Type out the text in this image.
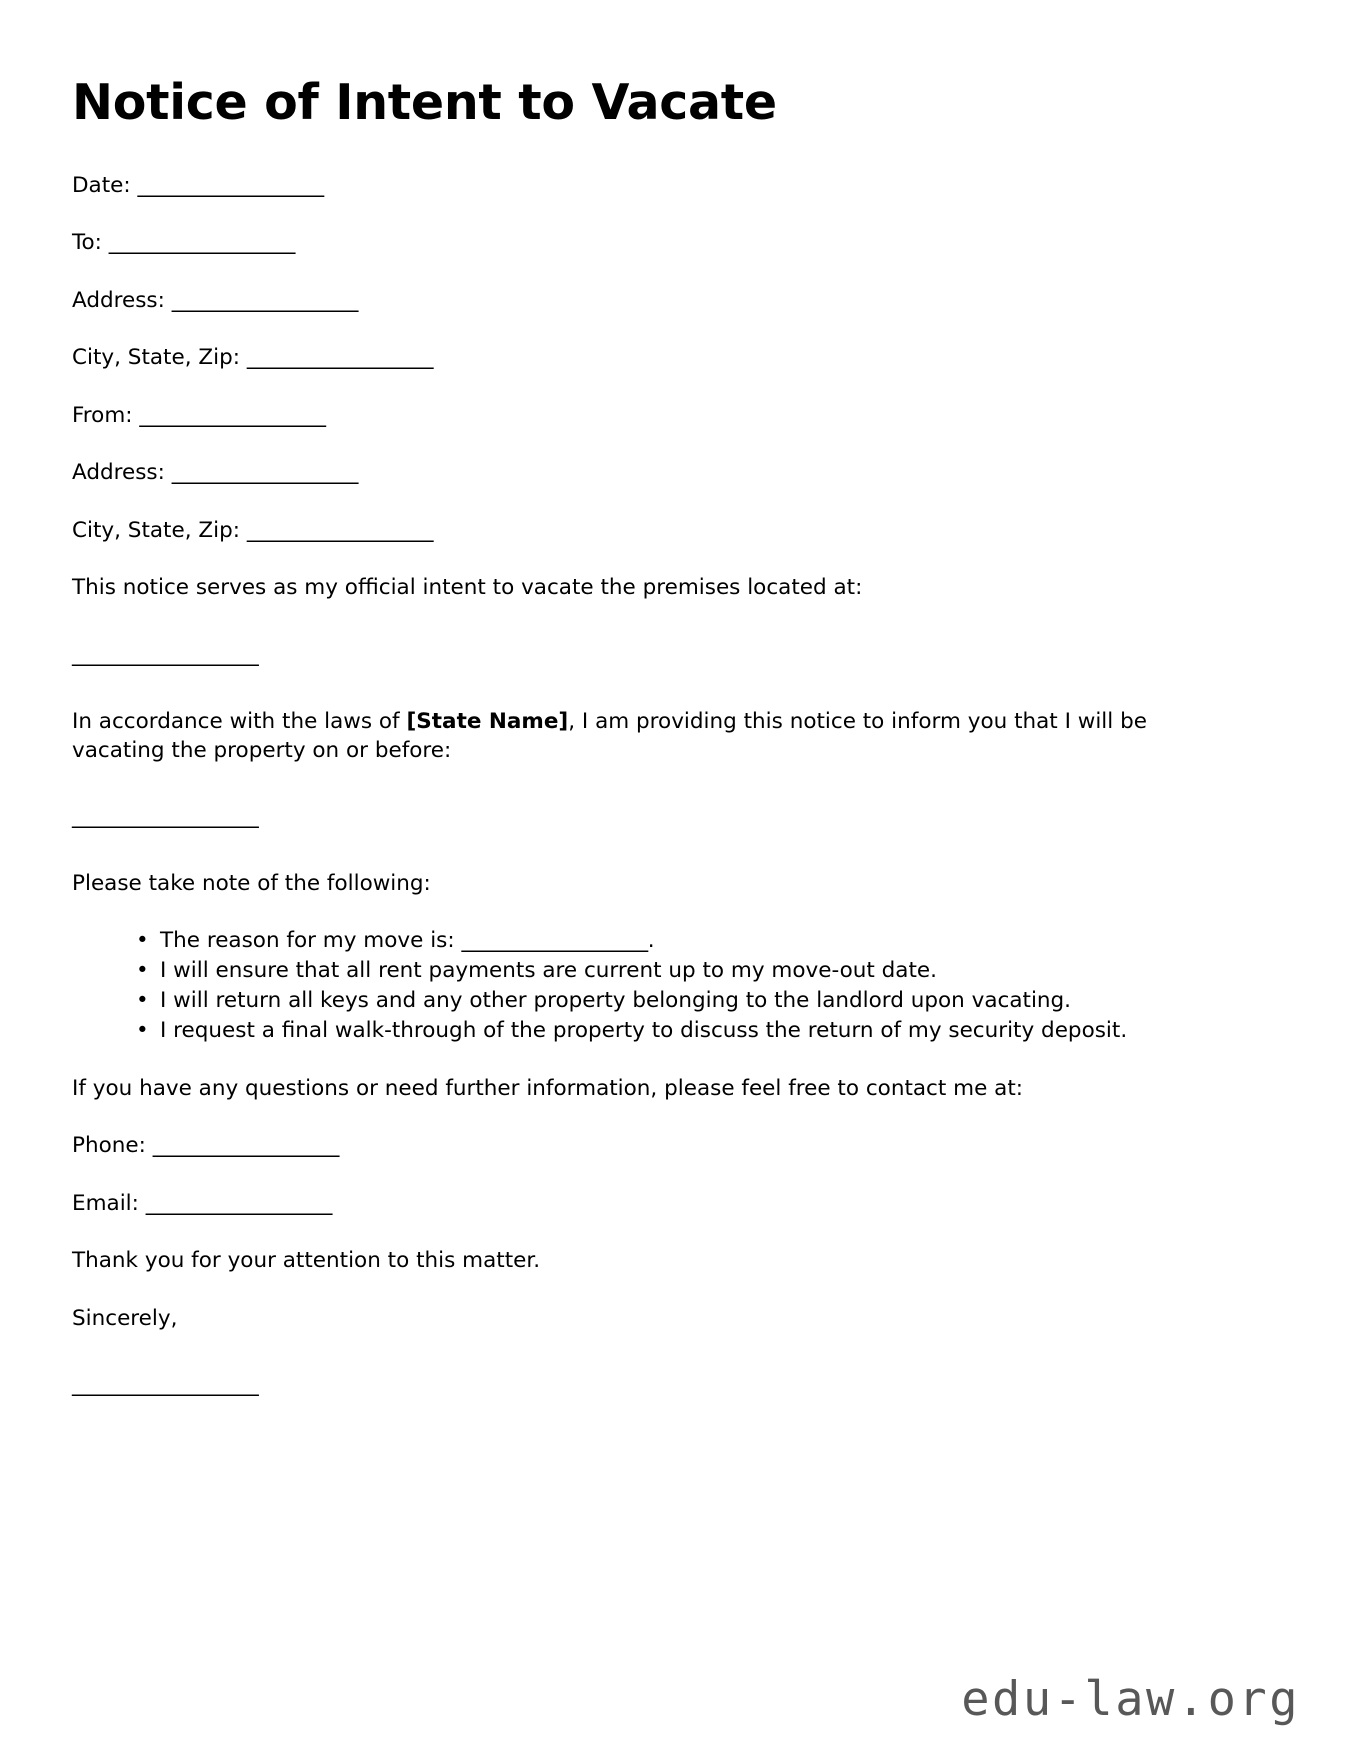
Notice of Intent to Vacate
Date: __________________
To: __________________
Address: __________________
City, State, Zip: __________________
From: __________________
Address: __________________
City, State, Zip: __________________

This notice serves as my official intent to vacate the premises located at:

__________________

In accordance with the laws of [State Name], I am providing this notice to inform you that I will be vacating the property on or before:

__________________

Please take note of the following:

• The reason for my move is: __________________.
• I will ensure that all rent payments are current up to my move-out date.
• I will return all keys and any other property belonging to the landlord upon vacating.
• I request a final walk-through of the property to discuss the return of my security deposit.

If you have any questions or need further information, please feel free to contact me at:

Phone: __________________
Email: __________________

Thank you for your attention to this matter.

Sincerely,

__________________
edu-law.org
